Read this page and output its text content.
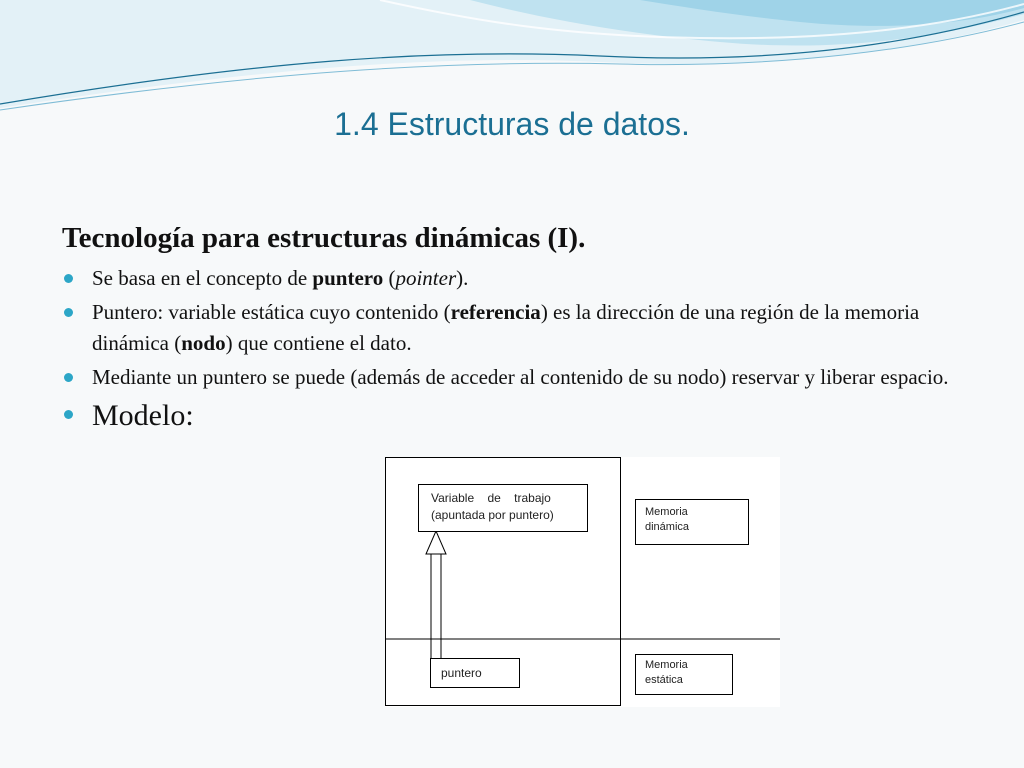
1.4 Estructuras de datos.
Tecnología para estructuras dinámicas (I).
Se basa en el concepto de puntero (pointer).
Puntero: variable estática cuyo contenido (referencia) es la dirección de una región de la memoria dinámica (nodo) que contiene el dato.
Mediante un puntero se puede (además de acceder al contenido de su nodo) reservar y liberar espacio.
Modelo:
Variable    de    trabajo
(apuntada por puntero)
puntero
Memoria
dinámica
Memoria
estática
